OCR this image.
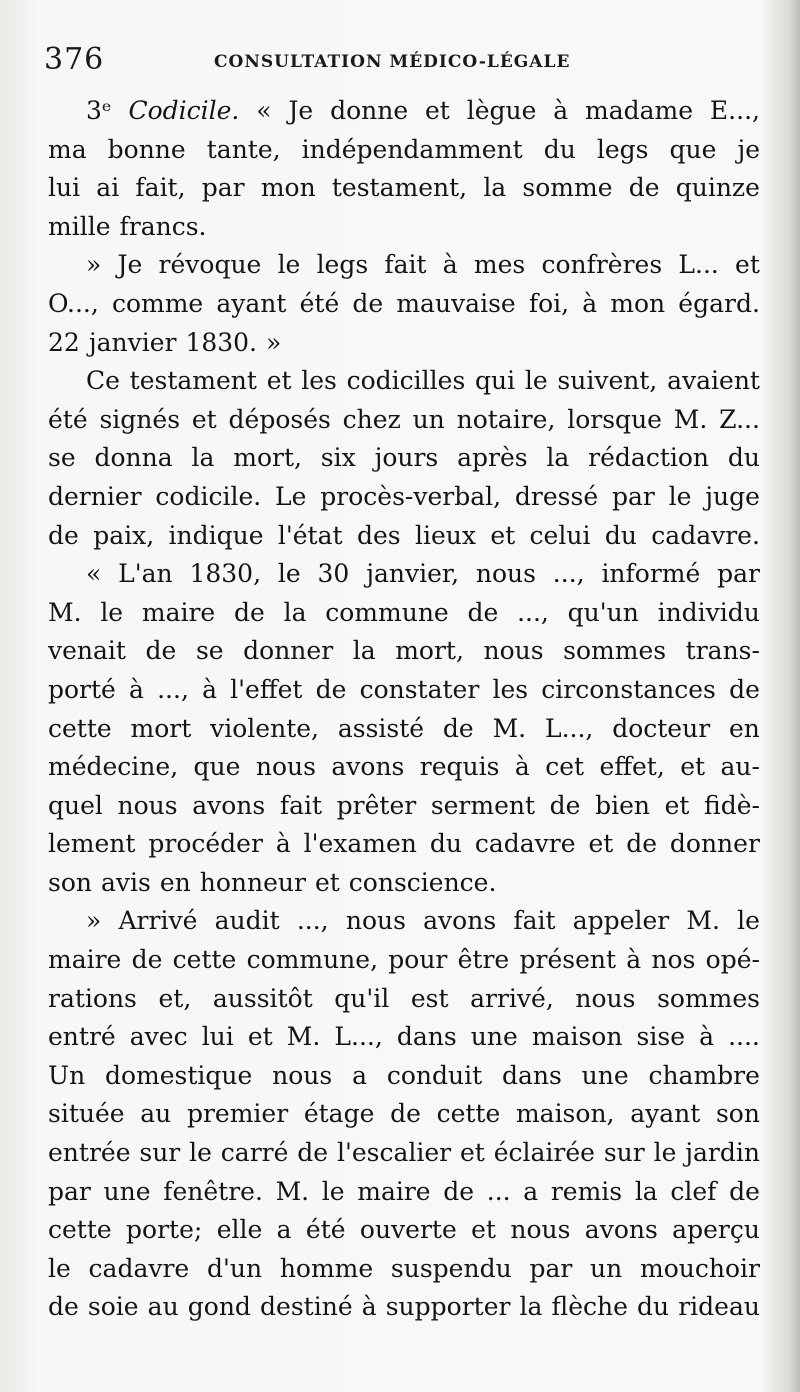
376	CONSULTATION MÉDICO-LÉGALE
3ᵉ Codicile. « Je donne et lègue à madame E...,
ma bonne tante, indépendamment du legs que je
lui ai fait, par mon testament, la somme de quinze
mille francs.
» Je révoque le legs fait à mes confrères L... et
O..., comme ayant été de mauvaise foi, à mon égard.
22 janvier 1830. »
Ce testament et les codicilles qui le suivent, avaient
été signés et déposés chez un notaire, lorsque M. Z...
se donna la mort, six jours après la rédaction du
dernier codicile. Le procès-verbal, dressé par le juge
de paix, indique l'état des lieux et celui du cadavre.
« L'an 1830, le 30 janvier, nous ..., informé par
M. le maire de la commune de ..., qu'un individu
venait de se donner la mort, nous sommes trans-
porté à ..., à l'effet de constater les circonstances de
cette mort violente, assisté de M. L..., docteur en
médecine, que nous avons requis à cet effet, et au-
quel nous avons fait prêter serment de bien et fidè-
lement procéder à l'examen du cadavre et de donner
son avis en honneur et conscience.
» Arrivé audit ..., nous avons fait appeler M. le
maire de cette commune, pour être présent à nos opé-
rations et, aussitôt qu'il est arrivé, nous sommes
entré avec lui et M. L..., dans une maison sise à ....
Un domestique nous a conduit dans une chambre
située au premier étage de cette maison, ayant son
entrée sur le carré de l'escalier et éclairée sur le jardin
par une fenêtre. M. le maire de ... a remis la clef de
cette porte; elle a été ouverte et nous avons aperçu
le cadavre d'un homme suspendu par un mouchoir
de soie au gond destiné à supporter la flèche du rideau
